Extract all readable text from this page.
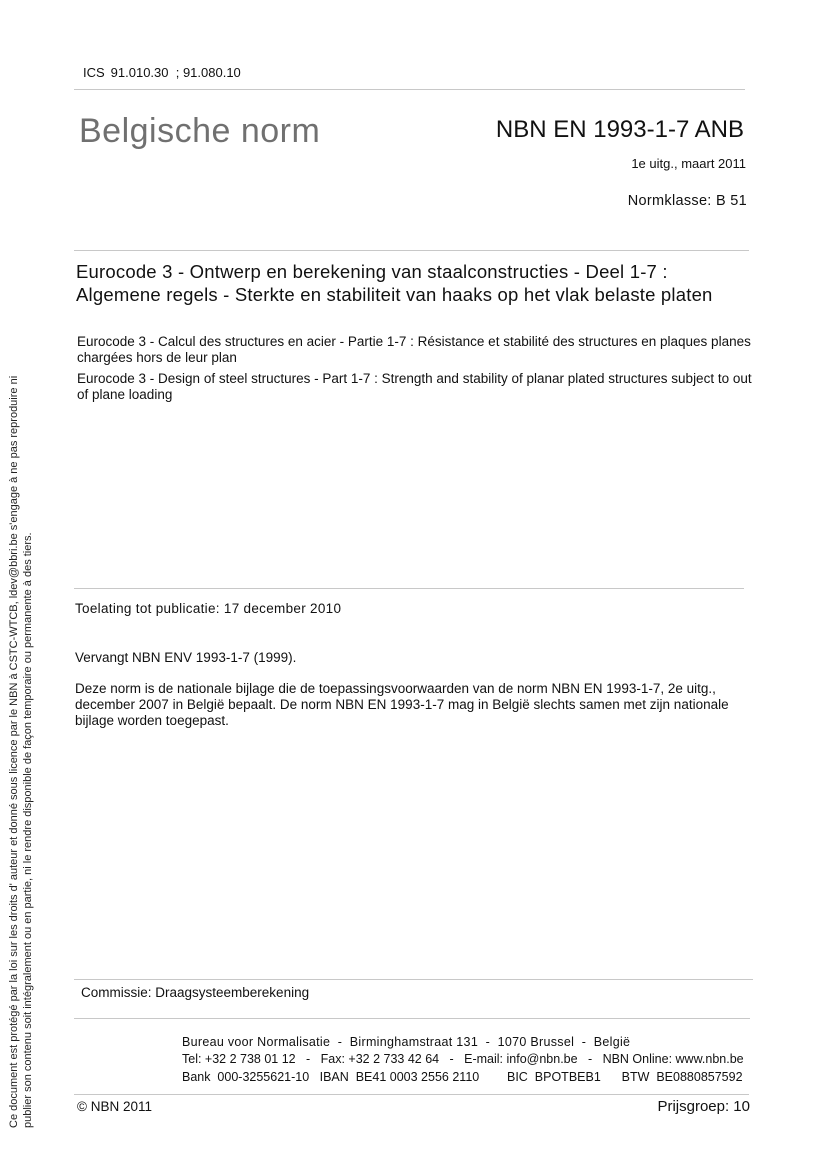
ICS 91.010.30  ; 91.080.10
Belgische norm	NBN EN 1993-1-7 ANB
1e uitg., maart 2011
Normklasse: B 51
Eurocode 3 - Ontwerp en berekening van staalconstructies - Deel 1-7 : Algemene regels - Sterkte en stabiliteit van haaks op het vlak belaste platen
Eurocode 3 - Calcul des structures en acier - Partie 1-7 : Résistance et stabilité des structures en plaques planes chargées hors de leur plan
Eurocode 3 - Design of steel structures - Part 1-7 : Strength and stability of planar plated structures subject to out of plane loading
Toelating tot publicatie: 17 december 2010
Vervangt NBN ENV 1993-1-7 (1999).
Deze norm is de nationale bijlage die de toepassingsvoorwaarden van de norm NBN EN 1993-1-7, 2e uitg., december 2007 in België bepaalt. De norm NBN EN 1993-1-7 mag in België slechts samen met zijn nationale bijlage worden toegepast.
Commissie: Draagsysteemberekening
Bureau voor Normalisatie  -  Birminghamstraat 131  -  1070 Brussel  -  België
Tel: +32 2 738 01 12   -   Fax: +32 2 733 42 64   -   E-mail: info@nbn.be   -   NBN Online: www.nbn.be
Bank  000-3255621-10   IBAN  BE41 0003 2556 2110        BIC  BPOTBEB1      BTW  BE0880857592
© NBN 2011	Prijsgroep: 10
Ce document est protégé par la loi sur les droits d' auteur et donné sous licence par le NBN à CSTC-WTCB, ldev@bbri.be s'engage à ne pas reproduire ni publier son contenu soit intégralement ou en partie, ni le rendre disponible de façon temporaire ou permanente à des tiers.
